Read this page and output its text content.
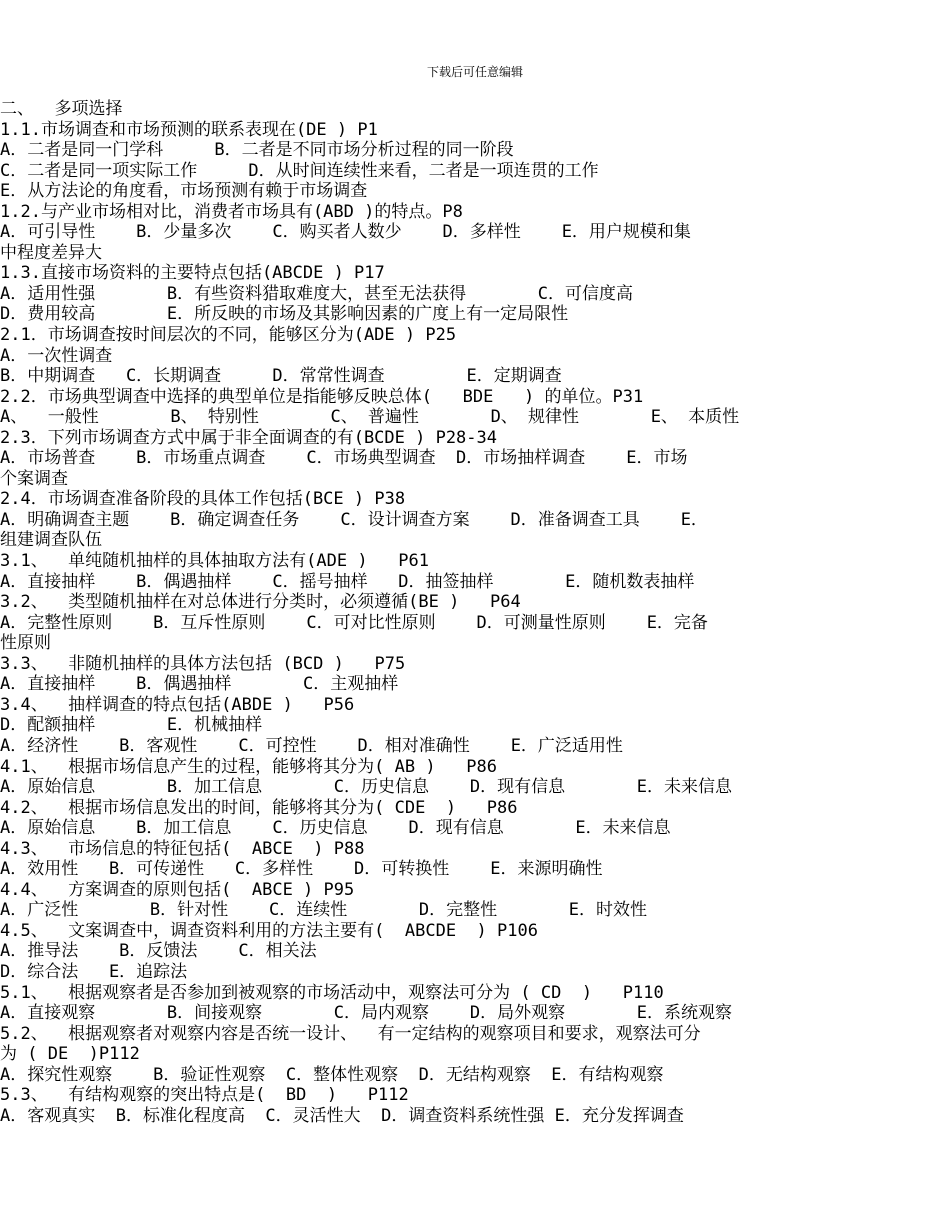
下载后可任意编辑
二、  多项选择
1.1.市场调查和市场预测的联系表现在(DE ) P1
A．二者是同一门学科     B．二者是不同市场分析过程的同一阶段
C．二者是同一项实际工作     D．从时间连续性来看，二者是一项连贯的工作
E．从方法论的角度看，市场预测有赖于市场调查
1.2.与产业市场相对比，消费者市场具有(ABD )的特点。P8
A．可引导性    B．少量多次    C．购买者人数少    D．多样性    E．用户规模和集
中程度差异大
1.3.直接市场资料的主要特点包括(ABCDE ) P17
A．适用性强       B．有些资料猎取难度大，甚至无法获得       C．可信度高
D．费用较高       E．所反映的市场及其影响因素的广度上有一定局限性
2.1．市场调查按时间层次的不同，能够区分为(ADE ) P25
A．一次性调查
B．中期调查   C．长期调查     D．常常性调查        E．定期调查
2.2．市场典型调查中选择的典型单位是指能够反映总体(   BDE   ) 的单位。P31
A、  一般性       B、 特别性       C、 普遍性       D、 规律性       E、 本质性
2.3．下列市场调查方式中属于非全面调查的有(BCDE ) P28-34
A．市场普查    B．市场重点调查    C．市场典型调查  D．市场抽样调查    E．市场
个案调查
2.4．市场调查准备阶段的具体工作包括(BCE ) P38
A．明确调查主题    B．确定调查任务    C．设计调查方案    D．准备调查工具    E．
组建调查队伍
3.1、  单纯随机抽样的具体抽取方法有(ADE )   P61
A．直接抽样    B．偶遇抽样    C．摇号抽样   D．抽签抽样       E．随机数表抽样
3.2、  类型随机抽样在对总体进行分类时，必须遵循(BE )   P64
A．完整性原则    B．互斥性原则    C．可对比性原则    D．可测量性原则    E．完备
性原则
3.3、  非随机抽样的具体方法包括 (BCD )   P75
A．直接抽样    B．偶遇抽样       C．主观抽样
3.4、  抽样调查的特点包括(ABDE )   P56
D．配额抽样       E．机械抽样
A．经济性    B．客观性    C．可控性    D．相对准确性    E．广泛适用性
4.1、  根据市场信息产生的过程，能够将其分为( AB )   P86
A．原始信息       B．加工信息       C．历史信息    D．现有信息       E．未来信息
4.2、  根据市场信息发出的时间，能够将其分为( CDE  )   P86
A．原始信息    B．加工信息    C．历史信息    D．现有信息       E．未来信息
4.3、  市场信息的特征包括(  ABCE  ) P88
A．效用性   B．可传递性   C．多样性    D．可转换性    E．来源明确性
4.4、  方案调查的原则包括(  ABCE ) P95
A．广泛性       B．针对性    C．连续性       D．完整性       E．时效性
4.5、  文案调查中，调查资料利用的方法主要有(  ABCDE  ) P106
A．推导法    B．反馈法    C．相关法
D．综合法   E．追踪法
5.1、  根据观察者是否参加到被观察的市场活动中，观察法可分为 ( CD  )   P110
A．直接观察       B．间接观察       C．局内观察    D．局外观察       E．系统观察
5.2、  根据观察者对观察内容是否统一设计、  有一定结构的观察项目和要求，观察法可分
为 ( DE  )P112
A．探究性观察    B．验证性观察  C．整体性观察  D．无结构观察  E．有结构观察
5.3、  有结构观察的突出特点是(  BD  )   P112
A．客观真实  B．标准化程度高  C．灵活性大  D．调查资料系统性强 E．充分发挥调查
